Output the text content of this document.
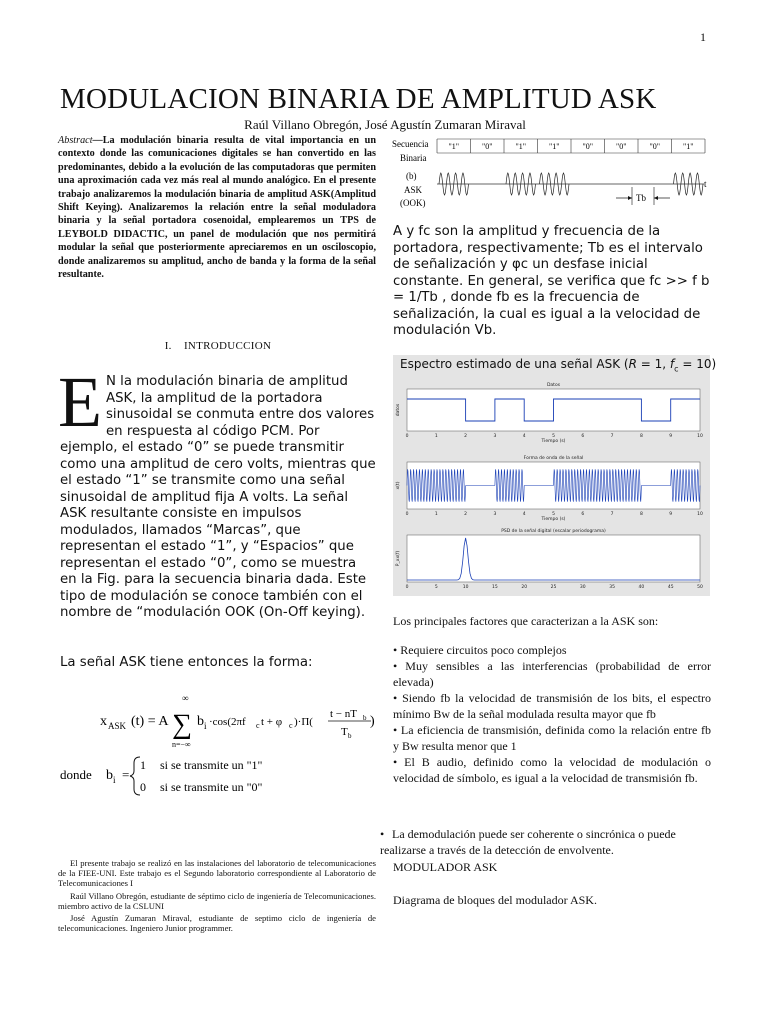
1
MODULACION BINARIA DE AMPLITUD ASK
Raúl Villano Obregón, José Agustín Zumaran Miraval
Abstract—La modulación binaria resulta de vital importancia en un contexto donde las comunicaciones digitales se han convertido en las predominantes, debido a la evolución de las computadoras que permiten una aproximación cada vez más real al mundo analógico. En el presente trabajo analizaremos la modulación binaria de amplitud ASK(Amplitud Shift Keying). Analizaremos la relación entre la señal moduladora binaria y la señal portadora cosenoidal, emplearemos un TPS de LEYBOLD DIDACTIC, un panel de modulación que nos permitirá modular la señal que posteriormente apreciaremos en un osciloscopio, donde analizaremos su amplitud, ancho de banda y la forma de la señal resultante.
I. INTRODUCCION
E N la modulación binaria de amplitud ASK, la amplitud de la portadora sinusoidal se conmuta entre dos valores en respuesta al código PCM. Por ejemplo, el estado “0” se puede transmitir como una amplitud de cero volts, mientras que el estado “1” se transmite como una señal sinusoidal de amplitud fija A volts. La señal ASK resultante consiste en impulsos modulados, llamados “Marcas”, que representan el estado “1”, y “Espacios” que representan el estado “0”, como se muestra en la Fig. para la secuencia binaria dada. Este tipo de modulación se conoce también con el nombre de “modulación OOK (On-Off keying).
La señal ASK tiene entonces la forma:
x ASK (t) = A
∞
∑
n=−∞
b i ·cos(2πf c t + φ c )·Π(
t − nT b
T b
)
donde b i =
1 si se transmite un "1"
0 si se transmite un "0"

El presente trabajo se realizó en las instalaciones del laboratorio de telecomunicaciones de la FIEE-UNI. Este trabajo es el Segundo laboratorio correspondiente al Laboratorio de Telecomunicaciones I

Raúl Villano Obregón, estudiante de séptimo ciclo de ingeniería de Telecomunicaciones. miembro activo de la CSLUNI

José Agustín Zumaran Miraval, estudiante de septimo ciclo de ingeniería de telecomunicaciones. Ingeniero Junior programmer.

Secuencia
Binaria
(b)
ASK
(OOK)
"1"	"0"	"1"	"1"	"0"	"0"	"0"	"1"
t
Tb
A y fc son la amplitud y frecuencia de la portadora, respectivamente; Tb es el intervalo de señalización y φc un desfase inicial constante. En general, se verifica que fc >> f b = 1/Tb , donde fb es la frecuencia de señalización, la cual es igual a la velocidad de modulación Vb.
Datos
datos
0	1	2	3	4	5	6	7	8	9	10
Tiempo (s)
Forma de onda de la señal
x(t)
0	1	2	3	4	5	6	7	8	9	10
Tiempo (s)
PSD de la señal digital (escalar periodograma)
P_xx(f)
0	5	10	15	20	25	30	35	40	45	50
Espectro estimado de una señal ASK (R = 1, $f_c = 10$)
Los principales factores que caracterizan a la ASK son:
• Requiere circuitos poco complejos
• Muy sensibles a las interferencias (probabilidad de error elevada)
• Siendo fb la velocidad de transmisión de los bits, el espectro mínimo Bw de la señal modulada resulta mayor que fb
• La eficiencia de transmisión, definida como la relación entre fb y Bw resulta menor que 1
• El B audio, definido como la velocidad de modulación o velocidad de símbolo, es igual a la velocidad de transmisión fb.
• La demodulación puede ser coherente o sincrónica o puede realizarse a través de la detección de envolvente.
MODULADOR ASK
Diagrama de bloques del modulador ASK.
